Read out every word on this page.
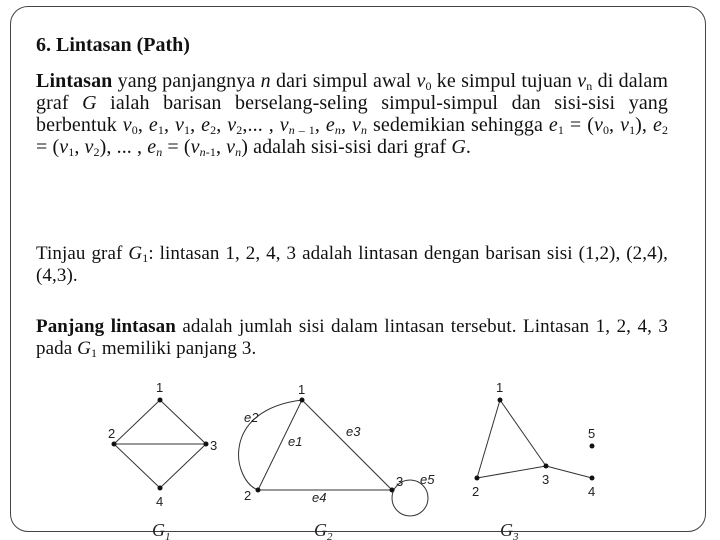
6. Lintasan (Path)
Lintasan yang panjangnya n dari simpul awal $v_0$ ke simpul tujuan $v_n$ di dalam graf G ialah barisan berselang-seling simpul-simpul dan sisi-sisi yang berbentuk $v_0$, $e_1$, $v_1$, $e_2$, $v_2$,... , $v_{n - 1}$, $e_n$, $v_n$ sedemikian sehingga $e_1 = (v_0$, $v_1$), $e_2 = (v_1$, $v_2$), ... , $e_n = (v_{n-1}$, $v_n$) adalah sisi-sisi dari graf G.
Tinjau graf $G_1$: lintasan 1, 2, 4, 3 adalah lintasan dengan barisan sisi (1,2), (2,4), (4,3).
Panjang lintasan adalah jumlah sisi dalam lintasan tersebut. Lintasan 1, 2, 4, 3 pada $G_1$ memiliki panjang 3.
1
2
3
4
$G_1$
1
2
3
e1
e2
e3
e4
e5
$G_2$
1
2
3
4
5
$G_3$
